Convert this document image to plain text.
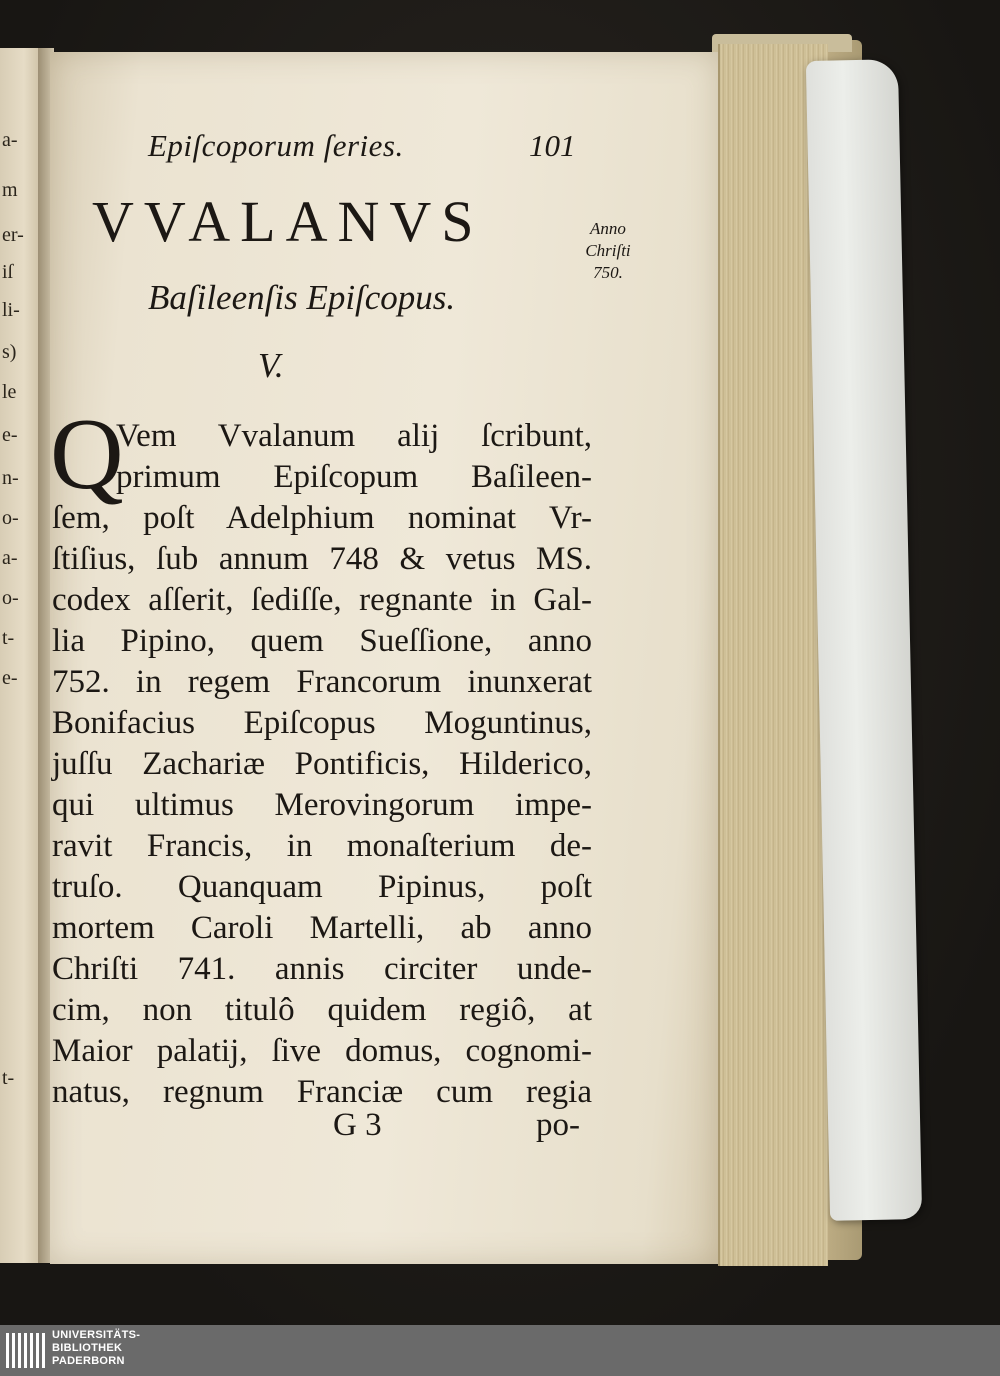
a-
m
er-
iſ
li-
s)
le
e-
n-
o-
a-
o-
t-
e-
t-
Epiſcoporum ſeries.	101
VVALANVS
Baſileenſis Epiſcopus.
V.
Anno
Chriſti
750.
Q
Vem Vvalanum alij ſcribunt,
primum Epiſcopum Baſileen-
ſem, poſt Adelphium nominat Vr-
ſtiſius, ſub annum 748 & vetus MS.
codex aſſerit, ſediſſe, regnante in Gal-
lia Pipino, quem Sueſſione, anno
752. in regem Francorum inunxerat
Bonifacius Epiſcopus Moguntinus,
juſſu Zachariæ Pontificis, Hilderico,
qui ultimus Merovingorum impe-
ravit Francis, in monaſterium de-
truſo. Quanquam Pipinus, poſt
mortem Caroli Martelli, ab anno
Chriſti 741. annis circiter unde-
cim, non titulô quidem regiô, at
Maior palatij, ſive domus, cognomi-
natus, regnum Franciæ cum regia
G 3	po-
UNIVERSITÄTS-
BIBLIOTHEK
PADERBORN
